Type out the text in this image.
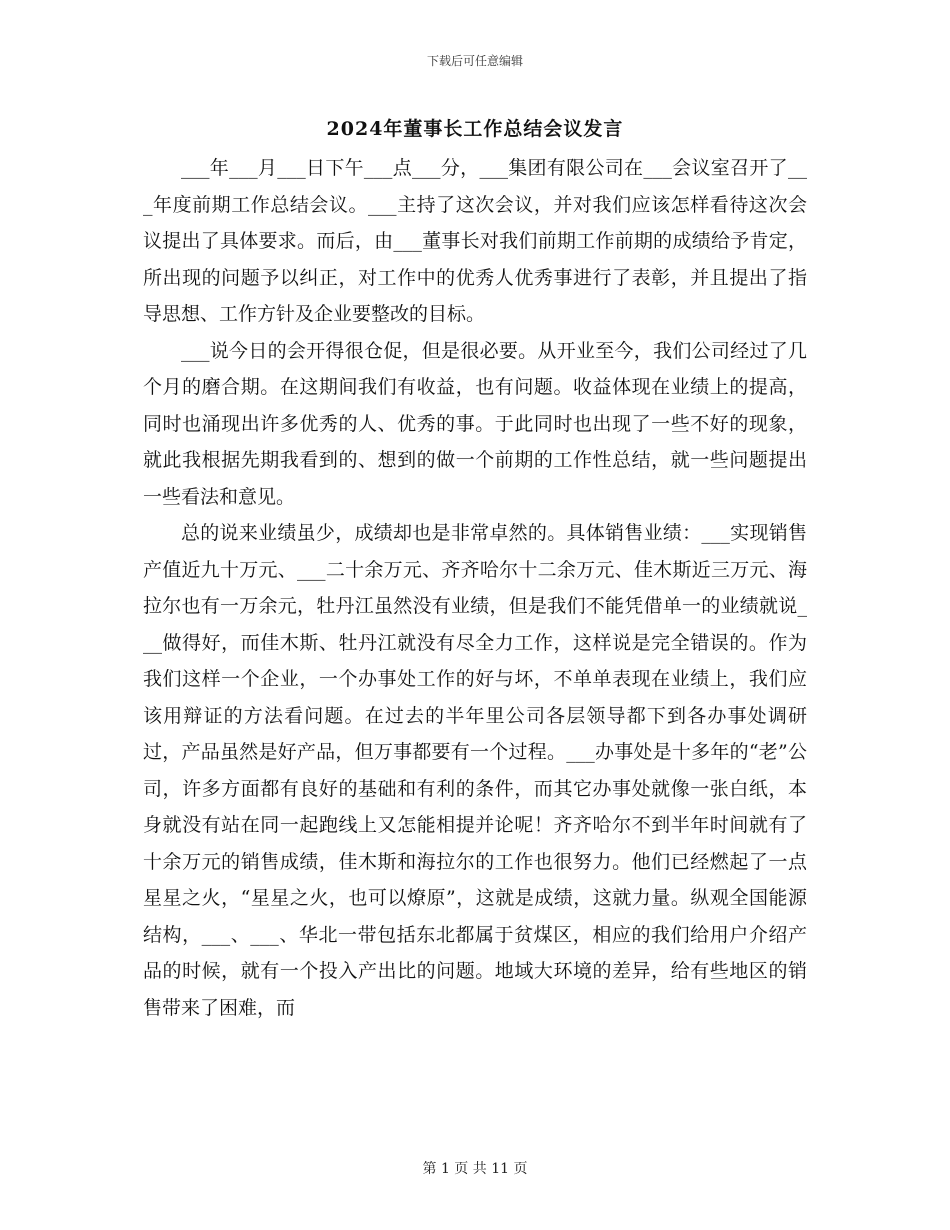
下载后可任意编辑
2024年董事长工作总结会议发言

___年___月___日下午___点___分，___集团有限公司在___会议室召开了___年度前期工作总结会议。___主持了这次会议，并对我们应该怎样看待这次会议提出了具体要求。而后，由___董事长对我们前期工作前期的成绩给予肯定，所出现的问题予以纠正，对工作中的优秀人优秀事进行了表彰，并且提出了指导思想、工作方针及企业要整改的目标。

___说今日的会开得很仓促，但是很必要。从开业至今，我们公司经过了几个月的磨合期。在这期间我们有收益，也有问题。收益体现在业绩上的提高，同时也涌现出许多优秀的人、优秀的事。于此同时也出现了一些不好的现象，就此我根据先期我看到的、想到的做一个前期的工作性总结，就一些问题提出一些看法和意见。

总的说来业绩虽少，成绩却也是非常卓然的。具体销售业绩：___实现销售产值近九十万元、___二十余万元、齐齐哈尔十二余万元、佳木斯近三万元、海拉尔也有一万余元，牡丹江虽然没有业绩，但是我们不能凭借单一的业绩就说___做得好，而佳木斯、牡丹江就没有尽全力工作，这样说是完全错误的。作为我们这样一个企业，一个办事处工作的好与坏，不单单表现在业绩上，我们应该用辩证的方法看问题。在过去的半年里公司各层领导都下到各办事处调研过，产品虽然是好产品，但万事都要有一个过程。___办事处是十多年的“老”公司，许多方面都有良好的基础和有利的条件，而其它办事处就像一张白纸，本身就没有站在同一起跑线上又怎能相提并论呢！齐齐哈尔不到半年时间就有了十余万元的销售成绩，佳木斯和海拉尔的工作也很努力。他们已经燃起了一点星星之火，“星星之火，也可以燎原”，这就是成绩，这就力量。纵观全国能源结构，___、___、华北一带包括东北都属于贫煤区，相应的我们给用户介绍产品的时候，就有一个投入产出比的问题。地域大环境的差异，给有些地区的销售带来了困难，而

第 1 页 共 11 页
